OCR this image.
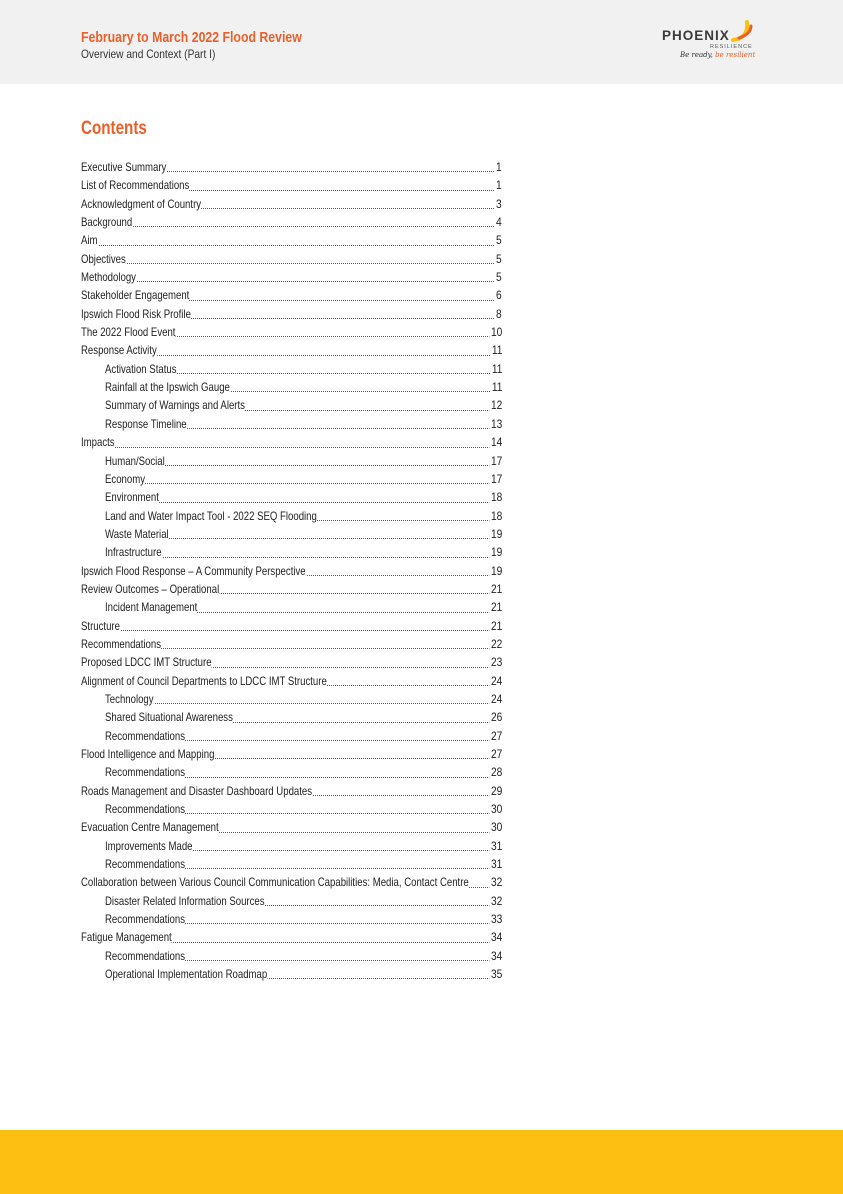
February to March 2022 Flood Review
Overview and Context (Part I)
PHOENIX
RESILIENCE
Be ready, be resilient
Contents
Executive Summary	1
List of Recommendations	1
Acknowledgment of Country	3
Background	4
Aim	5
Objectives	5
Methodology	5
Stakeholder Engagement	6
Ipswich Flood Risk Profile	8
The 2022 Flood Event	10
Response Activity	11
Activation Status	11
Rainfall at the Ipswich Gauge	11
Summary of Warnings and Alerts	12
Response Timeline	13
Impacts	14
Human/Social	17
Economy	17
Environment	18
Land and Water Impact Tool - 2022 SEQ Flooding	18
Waste Material	19
Infrastructure	19
Ipswich Flood Response – A Community Perspective	19
Review Outcomes – Operational	21
Incident Management	21
Structure	21
Recommendations	22
Proposed LDCC IMT Structure	23
Alignment of Council Departments to LDCC IMT Structure	24
Technology	24
Shared Situational Awareness	26
Recommendations	27
Flood Intelligence and Mapping	27
Recommendations	28
Roads Management and Disaster Dashboard Updates	29
Recommendations	30
Evacuation Centre Management	30
Improvements Made	31
Recommendations	31
Collaboration between Various Council Communication Capabilities: Media, Contact Centre 32
Disaster Related Information Sources	32
Recommendations	33
Fatigue Management	34
Recommendations	34
Operational Implementation Roadmap	35
